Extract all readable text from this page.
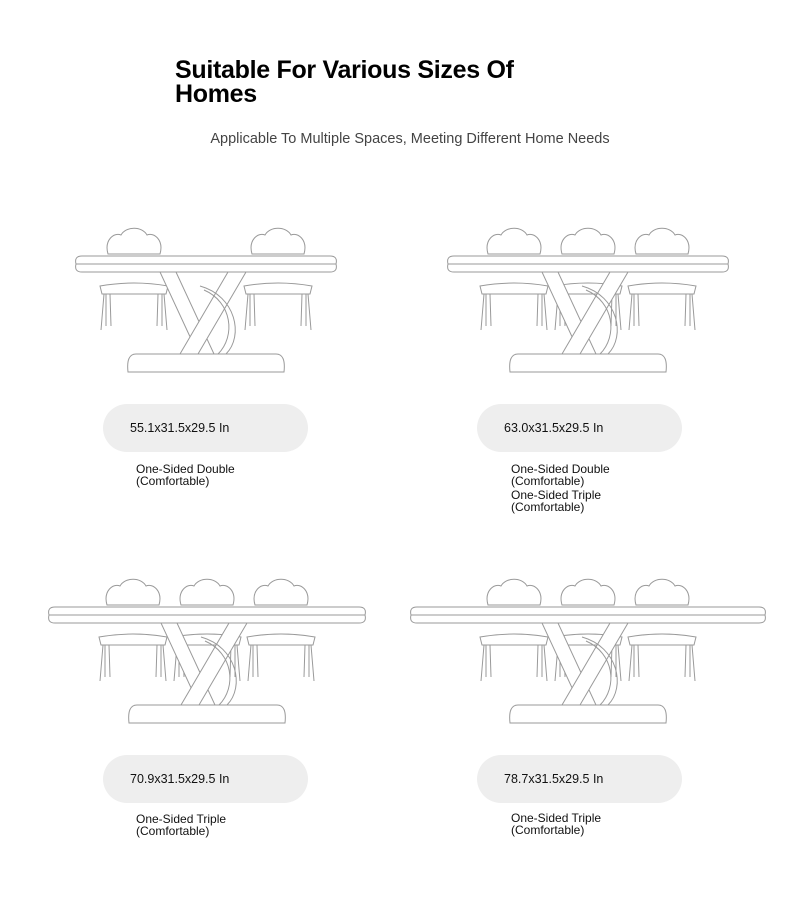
Suitable For Various Sizes Of Homes

Applicable To Multiple Spaces, Meeting Different Home Needs

55.1x31.5x29.5 In
One-Sided Double
(Comfortable)
63.0x31.5x29.5 In
One-Sided Double
(Comfortable)
One-Sided Triple
(Comfortable)
70.9x31.5x29.5 In
One-Sided Triple
(Comfortable)
78.7x31.5x29.5 In
One-Sided Triple
(Comfortable)
